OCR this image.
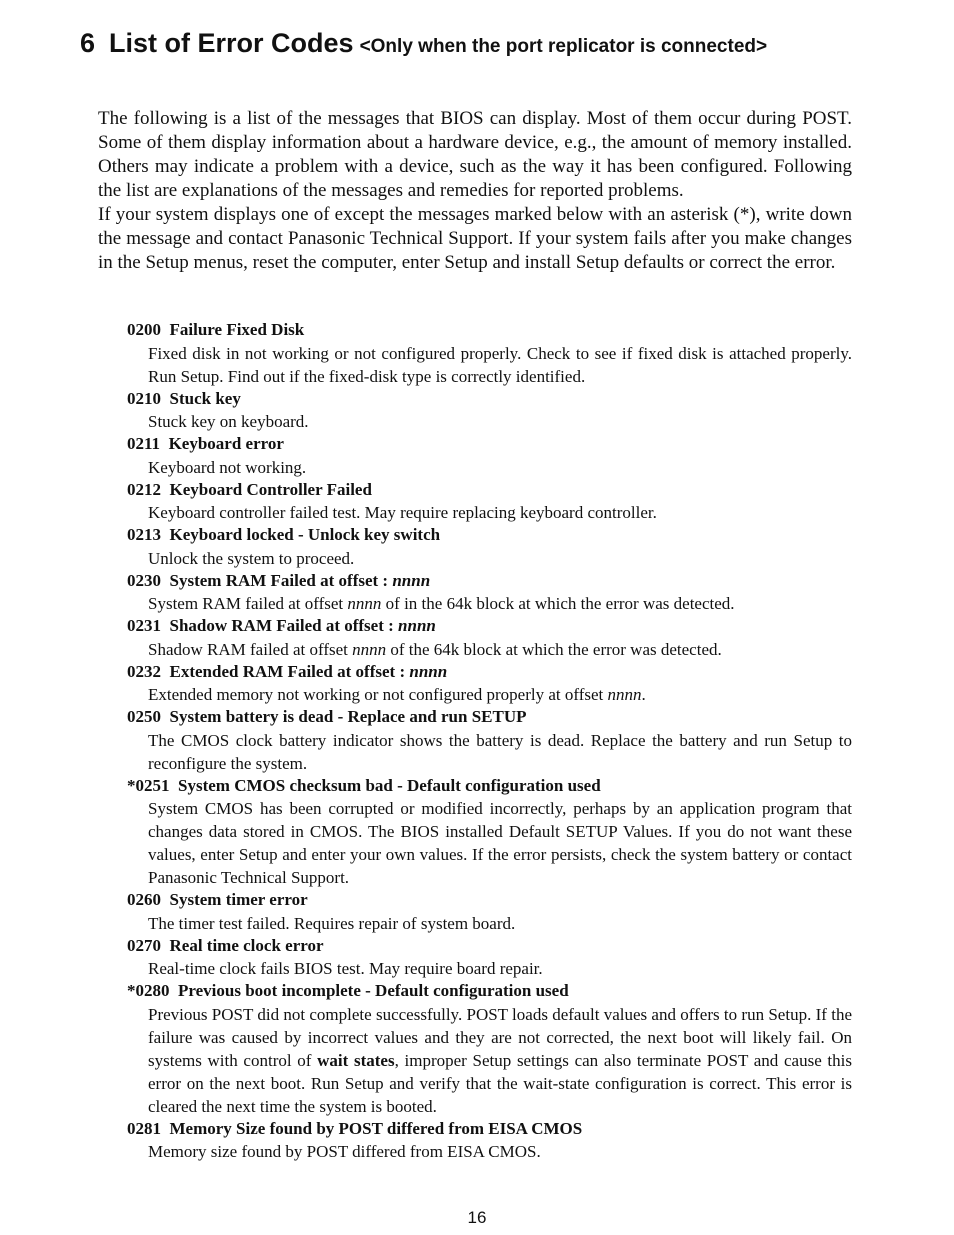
6 List of Error Codes <Only when the port replicator is connected>

The following is a list of the messages that BIOS can display. Most of them occur during POST. Some of them display information about a hardware device, e.g., the amount of memory installed. Others may indicate a problem with a device, such as the way it has been configured. Following the list are explanations of the messages and remedies for reported problems.

If your system displays one of except the messages marked below with an asterisk (*), write down the message and contact Panasonic Technical Support. If your system fails after you make changes in the Setup menus, reset the computer, enter Setup and install Setup defaults or correct the error.

0200 Failure Fixed Disk
Fixed disk in not working or not configured properly. Check to see if fixed disk is attached properly. Run Setup. Find out if the fixed-disk type is correctly identified.
0210 Stuck key
Stuck key on keyboard.
0211 Keyboard error
Keyboard not working.
0212 Keyboard Controller Failed
Keyboard controller failed test. May require replacing keyboard controller.
0213 Keyboard locked - Unlock key switch
Unlock the system to proceed.
0230 System RAM Failed at offset : nnnn
System RAM failed at offset nnnn of in the 64k block at which the error was detected.
0231 Shadow RAM Failed at offset : nnnn
Shadow RAM failed at offset nnnn of the 64k block at which the error was detected.
0232 Extended RAM Failed at offset : nnnn
Extended memory not working or not configured properly at offset nnnn.
0250 System battery is dead - Replace and run SETUP
The CMOS clock battery indicator shows the battery is dead. Replace the battery and run Setup to reconfigure the system.
*0251 System CMOS checksum bad - Default configuration used
System CMOS has been corrupted or modified incorrectly, perhaps by an application program that changes data stored in CMOS. The BIOS installed Default SETUP Values. If you do not want these values, enter Setup and enter your own values. If the error persists, check the system battery or contact Panasonic Technical Support.
0260 System timer error
The timer test failed. Requires repair of system board.
0270 Real time clock error
Real-time clock fails BIOS test. May require board repair.
*0280 Previous boot incomplete - Default configuration used
Previous POST did not complete successfully. POST loads default values and offers to run Setup. If the failure was caused by incorrect values and they are not corrected, the next boot will likely fail. On systems with control of wait states, improper Setup settings can also terminate POST and cause this error on the next boot. Run Setup and verify that the wait-state configuration is correct. This error is cleared the next time the system is booted.
0281 Memory Size found by POST differed from EISA CMOS
Memory size found by POST differed from EISA CMOS.
16
